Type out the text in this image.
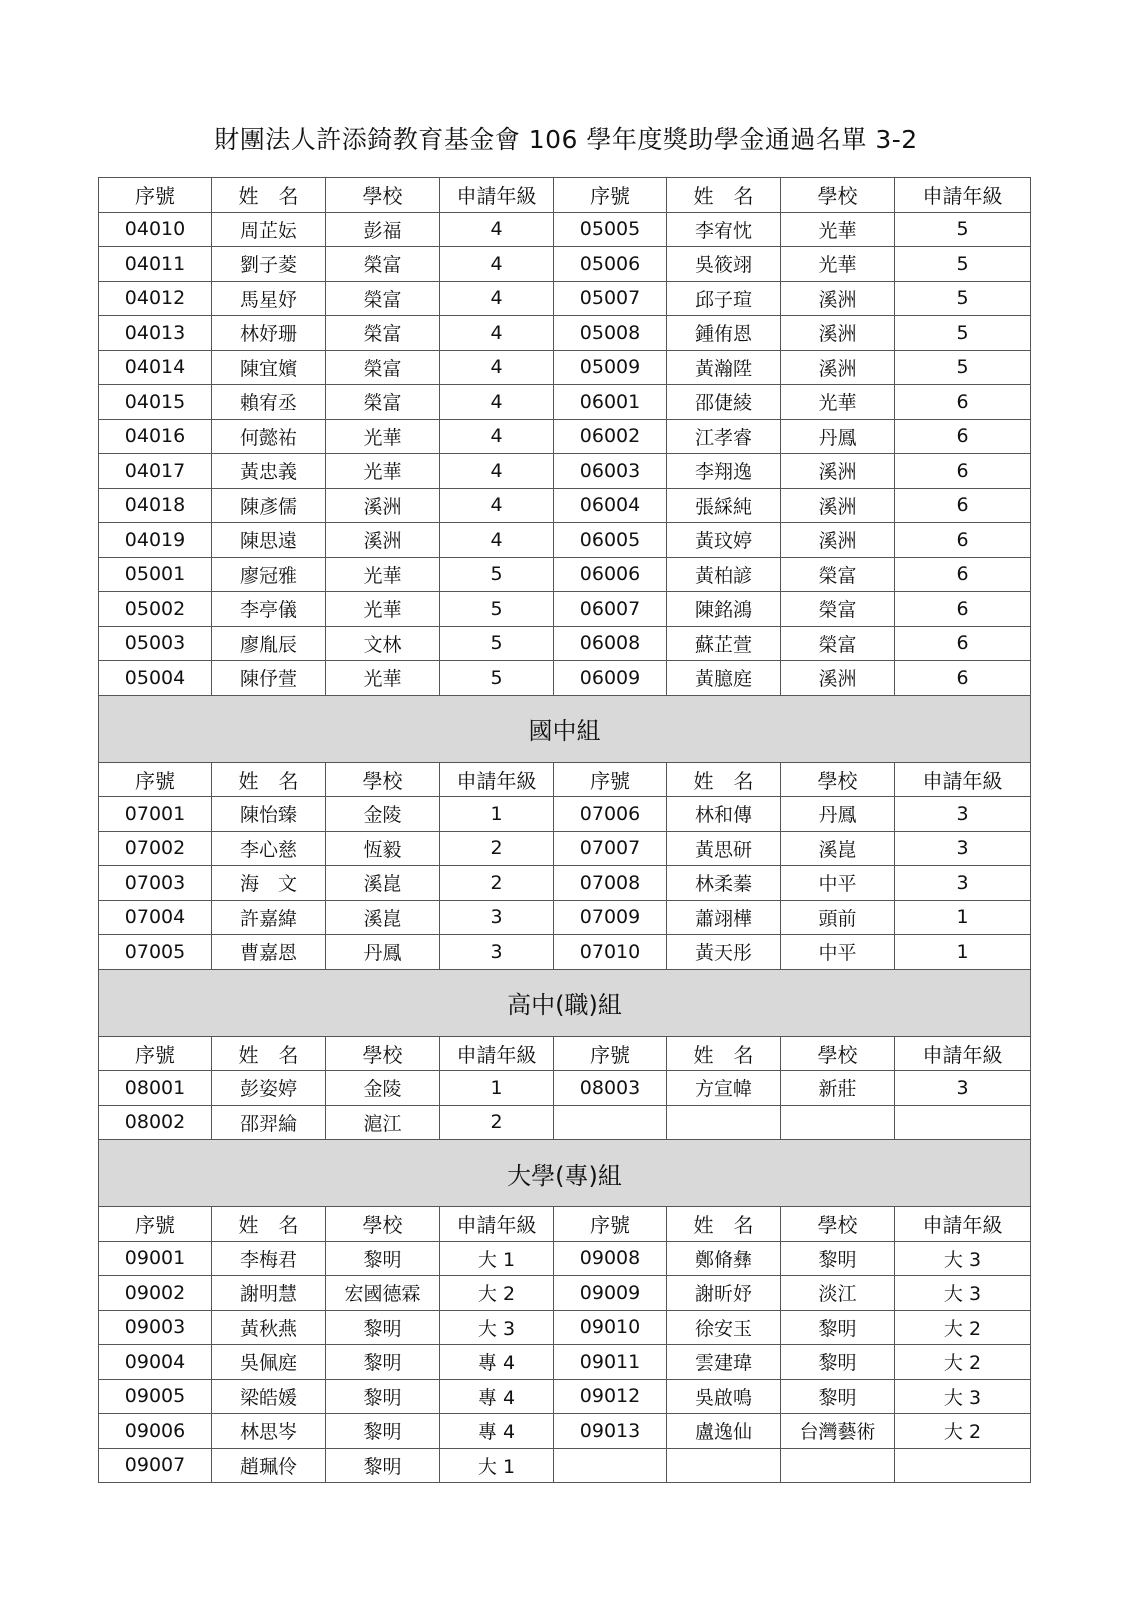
財團法人許添錡教育基金會 106 學年度獎助學金通過名單 3-2
序號	姓　名	學校	申請年級	序號	姓　名	學校	申請年級
04010	周芷妘	彭福	4	05005	李宥忱	光華	5
04011	劉子菱	榮富	4	05006	吳筱翊	光華	5
04012	馬星妤	榮富	4	05007	邱子瑄	溪洲	5
04013	林妤珊	榮富	4	05008	鍾侑恩	溪洲	5
04014	陳宜嬪	榮富	4	05009	黃瀚陞	溪洲	5
04015	賴宥丞	榮富	4	06001	邵倢綾	光華	6
04016	何懿祐	光華	4	06002	江孝睿	丹鳳	6
04017	黃忠義	光華	4	06003	李翔逸	溪洲	6
04018	陳彥儒	溪洲	4	06004	張綵純	溪洲	6
04019	陳思遠	溪洲	4	06005	黃玟婷	溪洲	6
05001	廖冠雅	光華	5	06006	黃柏諺	榮富	6
05002	李亭儀	光華	5	06007	陳銘鴻	榮富	6
05003	廖胤辰	文林	5	06008	蘇芷萱	榮富	6
05004	陳伃萱	光華	5	06009	黃臆庭	溪洲	6
國中組							
序號	姓　名	學校	申請年級	序號	姓　名	學校	申請年級
07001	陳怡臻	金陵	1	07006	林和傳	丹鳳	3
07002	李心慈	恆毅	2	07007	黃思研	溪崑	3
07003	海　文	溪崑	2	07008	林柔蓁	中平	3
07004	許嘉緯	溪崑	3	07009	蕭翊樺	頭前	1
07005	曹嘉恩	丹鳳	3	07010	黃天彤	中平	1
高中(職)組							
序號	姓　名	學校	申請年級	序號	姓　名	學校	申請年級
08001	彭姿婷	金陵	1	08003	方宣幃	新莊	3
08002	邵羿綸	滬江	2				
大學(專)組							
序號	姓　名	學校	申請年級	序號	姓　名	學校	申請年級
09001	李梅君	黎明	大 1	09008	鄭脩彝	黎明	大 3
09002	謝明慧	宏國德霖	大 2	09009	謝昕妤	淡江	大 3
09003	黃秋燕	黎明	大 3	09010	徐安玉	黎明	大 2
09004	吳佩庭	黎明	專 4	09011	雲建瑋	黎明	大 2
09005	梁皓媛	黎明	專 4	09012	吳啟鳴	黎明	大 3
09006	林思岑	黎明	專 4	09013	盧逸仙	台灣藝術	大 2
09007	趙珮伶	黎明	大 1				
